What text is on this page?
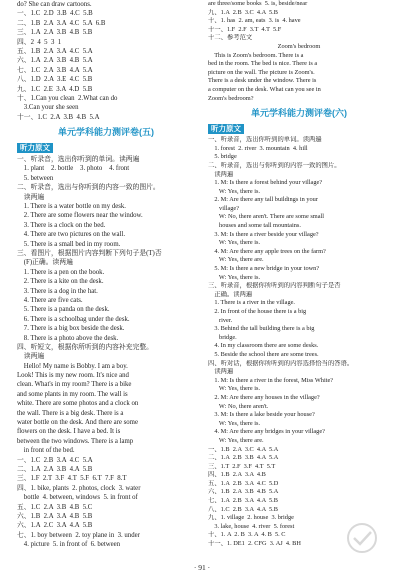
do? She can draw cartoons.
一、1.C  2.D  3.B  4.C  5.B
二、1.B  2.A  3.A  4.C  5.A  6.B
三、1.A  2.A  3.B  4.B  5.B
四、2  4  5  3  1
五、1.B  2.A  3.A  4.C  5.A
六、1.A  2.A  3.B  4.B  5.A
七、1.C  2.A  3.B  4.A  5.A
八、1.D  2.A  3.E  4.C  5.B
九、1.C  2.E  3.A  4.D  5.B
十、1.Can you clean  2.What can do
3.Can your she seen
十一、1.C  2.A  3.B  4.B  5.A
单元学科能力测评卷(五)
听力原文
一、听录音，选出你听到的单词。读两遍
1. plant    2. bottle    3. photo    4. front
5. between
二、听录音，选出与你听到的内容一致的图片。
读两遍
1. There is a water bottle on my desk.
2. There are some flowers near the window.
3. There is a clock on the bed.
4. There are two pictures on the wall.
5. There is a small bed in my room.
三、看图片，根据图片内容判断下列句子是(T)否
(F)正确。读两遍
1. There is a pen on the book.
2. There is a kite on the desk.
3. There is a dog in the hat.
4. There are five cats.
5. There is a panda on the desk.
6. There is a schoolbag under the desk.
7. There is a big box beside the desk.
8. There is a photo above the desk.
四、听短文，根据你所听到的内容补充完整。
读两遍
Hello! My name is Bobby. I am a boy.
Look! This is my new room. It's nice and
clean. What's in my room? There is a bike
and some plants in my room. The wall is
white. There are some photos and a clock on
the wall. There is a big desk. There is a
water bottle on the desk. And there are some
flowers on the desk. I have a bed. It is
between the two windows. There is a lamp
in front of the bed.
一、1.C  2.B  3.A  4.C  5.A
二、1.A  2.A  3.B  4.A  5.B
三、1.F  2.T  3.F  4.T  5.F  6.T  7.F  8.T
四、1. bike, plants  2. photos, clock  3. water
bottle  4. between, windows  5. in front of
五、1.C  2.A  3.B  4.B  5.C
六、1.B  2.A  3.A  4.B  5.B
六、1.A  2.C  3.A  4.A  5.B
七、1. boy between  2. toy plane in  3. under
4. picture  5. in front of  6. between
are three/some books  5. is, beside/near
九、1.A  2.B  3.C  4.A  5.B
十、1. has  2. am, eats  3. is  4. have
十一、1.F  2.F  3.T  4.T  5.F
十二、参考范文
Zoom's bedroom
This is Zoom's bedroom. There is a
bed in the room. The bed is nice. There is a
picture on the wall. The picture is Zoom's.
There is a desk under the window. There is
a computer on the desk. What can you see in
Zoom's bedroom?
单元学科能力测评卷(六)
听力原文
一、听录音，选出你听到的单词。读两遍
1. forest  2. river  3. mountain  4. hill
5. bridge
二、听录音，选出与你听到的内容一致的图片。
读两遍
1. M: Is there a forest behind your village?
W: Yes, there is.
2. M: Are there any tall buildings in your
village?
W: No, there aren't. There are some small
houses and some tall mountains.
3. M: Is there a river beside your village?
W: Yes, there is.
4. M: Are there any apple trees on the farm?
W: Yes, there are.
5. M: Is there a new bridge in your town?
W: Yes, there is.
三、听录音，根据你所听到的内容判断句子是否
正确。读两遍
1. There is a river in the village.
2. In front of the house there is a big
river.
3. Behind the tall building there is a big
bridge.
4. In my classroom there are some desks.
5. Beside the school there are some trees.
四、听对话，根据你所听到的内容选择恰当的答语。
读两遍
1. M: Is there a river in the forest, Miss White?
W: Yes, there is.
2. M: Are there any houses in the village?
W: No, there aren't.
3. M: Is there a lake beside your house?
W: Yes, there is.
4. M: Are there any bridges in your village?
W: Yes, there are.
一、1.B  2.A  3.C  4.A  5.A
二、1.A  2.B  3.B  4.A  5.A
三、1.T  2.F  3.F  4.T  5.T
四、1.B  2.A  3.A  4.B
五、1.A  2.B  3.A  4.C  5.D
六、1.B  2.A  3.B  4.B  5.A
七、1.A  2.B  3.A  4.A  5.B
八、1.C  2.B  3.A  4.A  5.B
九、1. village  2. house  3. bridge
3. lake, house  4. river  5. forest
十、1. A  2. B  3. A  4. B  5. C
十一、1. DE1  2. CFG  3. AJ  4. BH
· 91 ·
